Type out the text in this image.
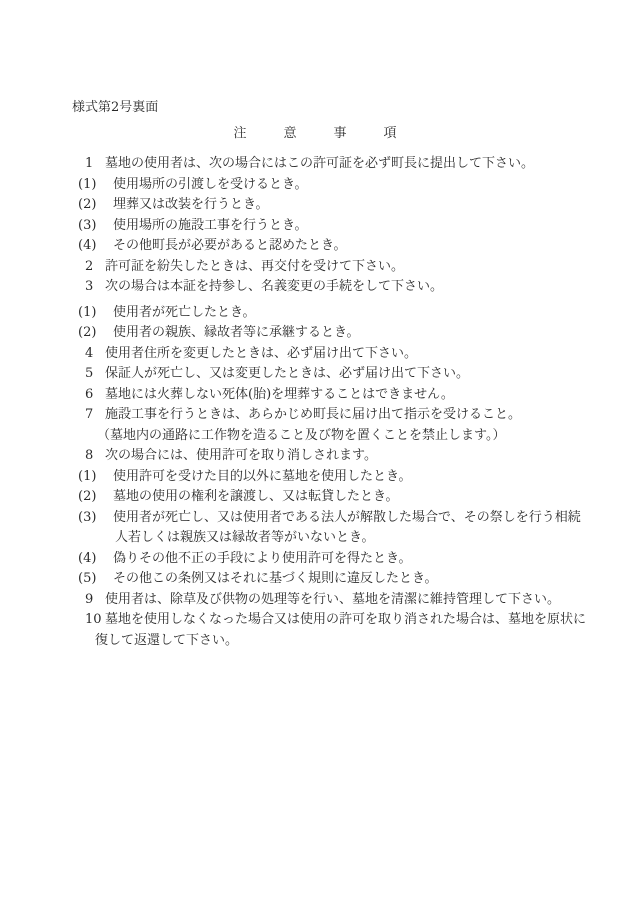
様式第2号裏面
注意事項
1 墓地の使用者は、次の場合にはこの許可証を必ず町長に提出して下さい。
(1)	使用場所の引渡しを受けるとき。
(2)	埋葬又は改装を行うとき。
(3)	使用場所の施設工事を行うとき。
(4)	その他町長が必要があると認めたとき。
2 許可証を紛失したときは、再交付を受けて下さい。
3 次の場合は本証を持参し、名義変更の手続をして下さい。
(1)	使用者が死亡したとき。
(2)	使用者の親族、縁故者等に承継するとき。
4 使用者住所を変更したときは、必ず届け出て下さい。
5 保証人が死亡し、又は変更したときは、必ず届け出て下さい。
6 墓地には火葬しない死体(胎)を埋葬することはできません。
7 施設工事を行うときは、あらかじめ町長に届け出て指示を受けること。
（墓地内の通路に工作物を造ること及び物を置くことを禁止します。）
8 次の場合には、使用許可を取り消しされます。
(1)	使用許可を受けた目的以外に墓地を使用したとき。
(2)	墓地の使用の権利を譲渡し、又は転貸したとき。
(3)	使用者が死亡し、又は使用者である法人が解散した場合で、その祭しを行う相続
人若しくは親族又は縁故者等がいないとき。
(4)	偽りその他不正の手段により使用許可を得たとき。
(5)	その他この条例又はそれに基づく規則に違反したとき。
9 使用者は、除草及び供物の処理等を行い、墓地を清潔に維持管理して下さい。
10 墓地を使用しなくなった場合又は使用の許可を取り消された場合は、墓地を原状に
復して返還して下さい。
